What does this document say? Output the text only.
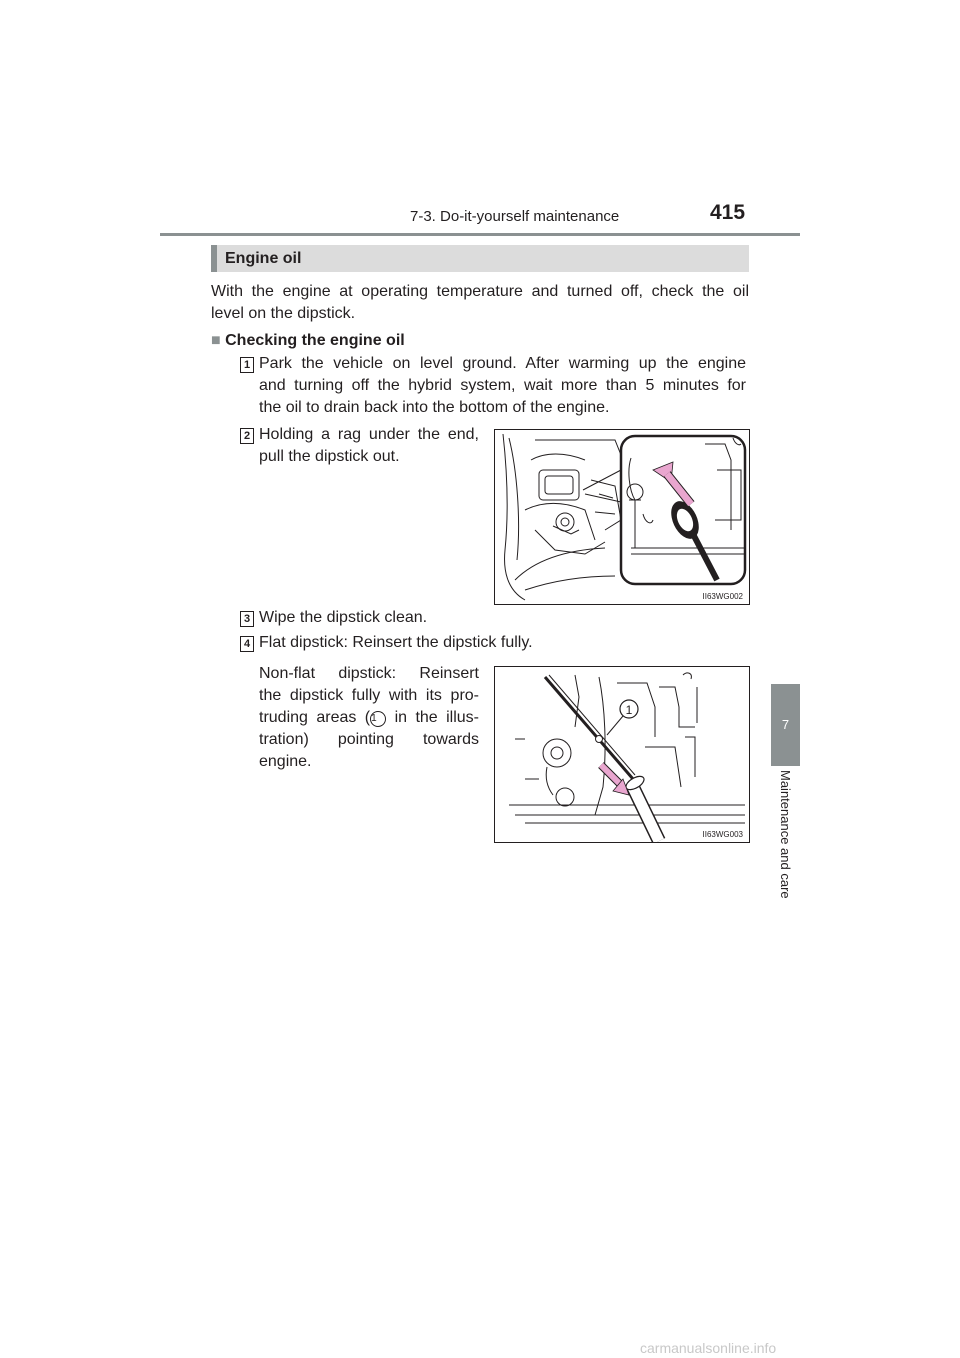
7-3. Do-it-yourself maintenance	415
Engine oil
With the engine at operating temperature and turned off, check the oil
level on the dipstick.
■ Checking the engine oil
1 Park the vehicle on level ground. After warming up the engine
and turning off the hybrid system, wait more than 5 minutes for
the oil to drain back into the bottom of the engine.
2 Holding a rag under the end,
pull the dipstick out.
II63WG002
3 Wipe the dipstick clean.
4 Flat dipstick: Reinsert the dipstick fully.
Non-flat dipstick: Reinsert
the dipstick fully with its pro-
truding areas (1 in the illus-
tration) pointing towards
engine.
1
II63WG003
7
Maintenance and care
carmanualsonline.info
